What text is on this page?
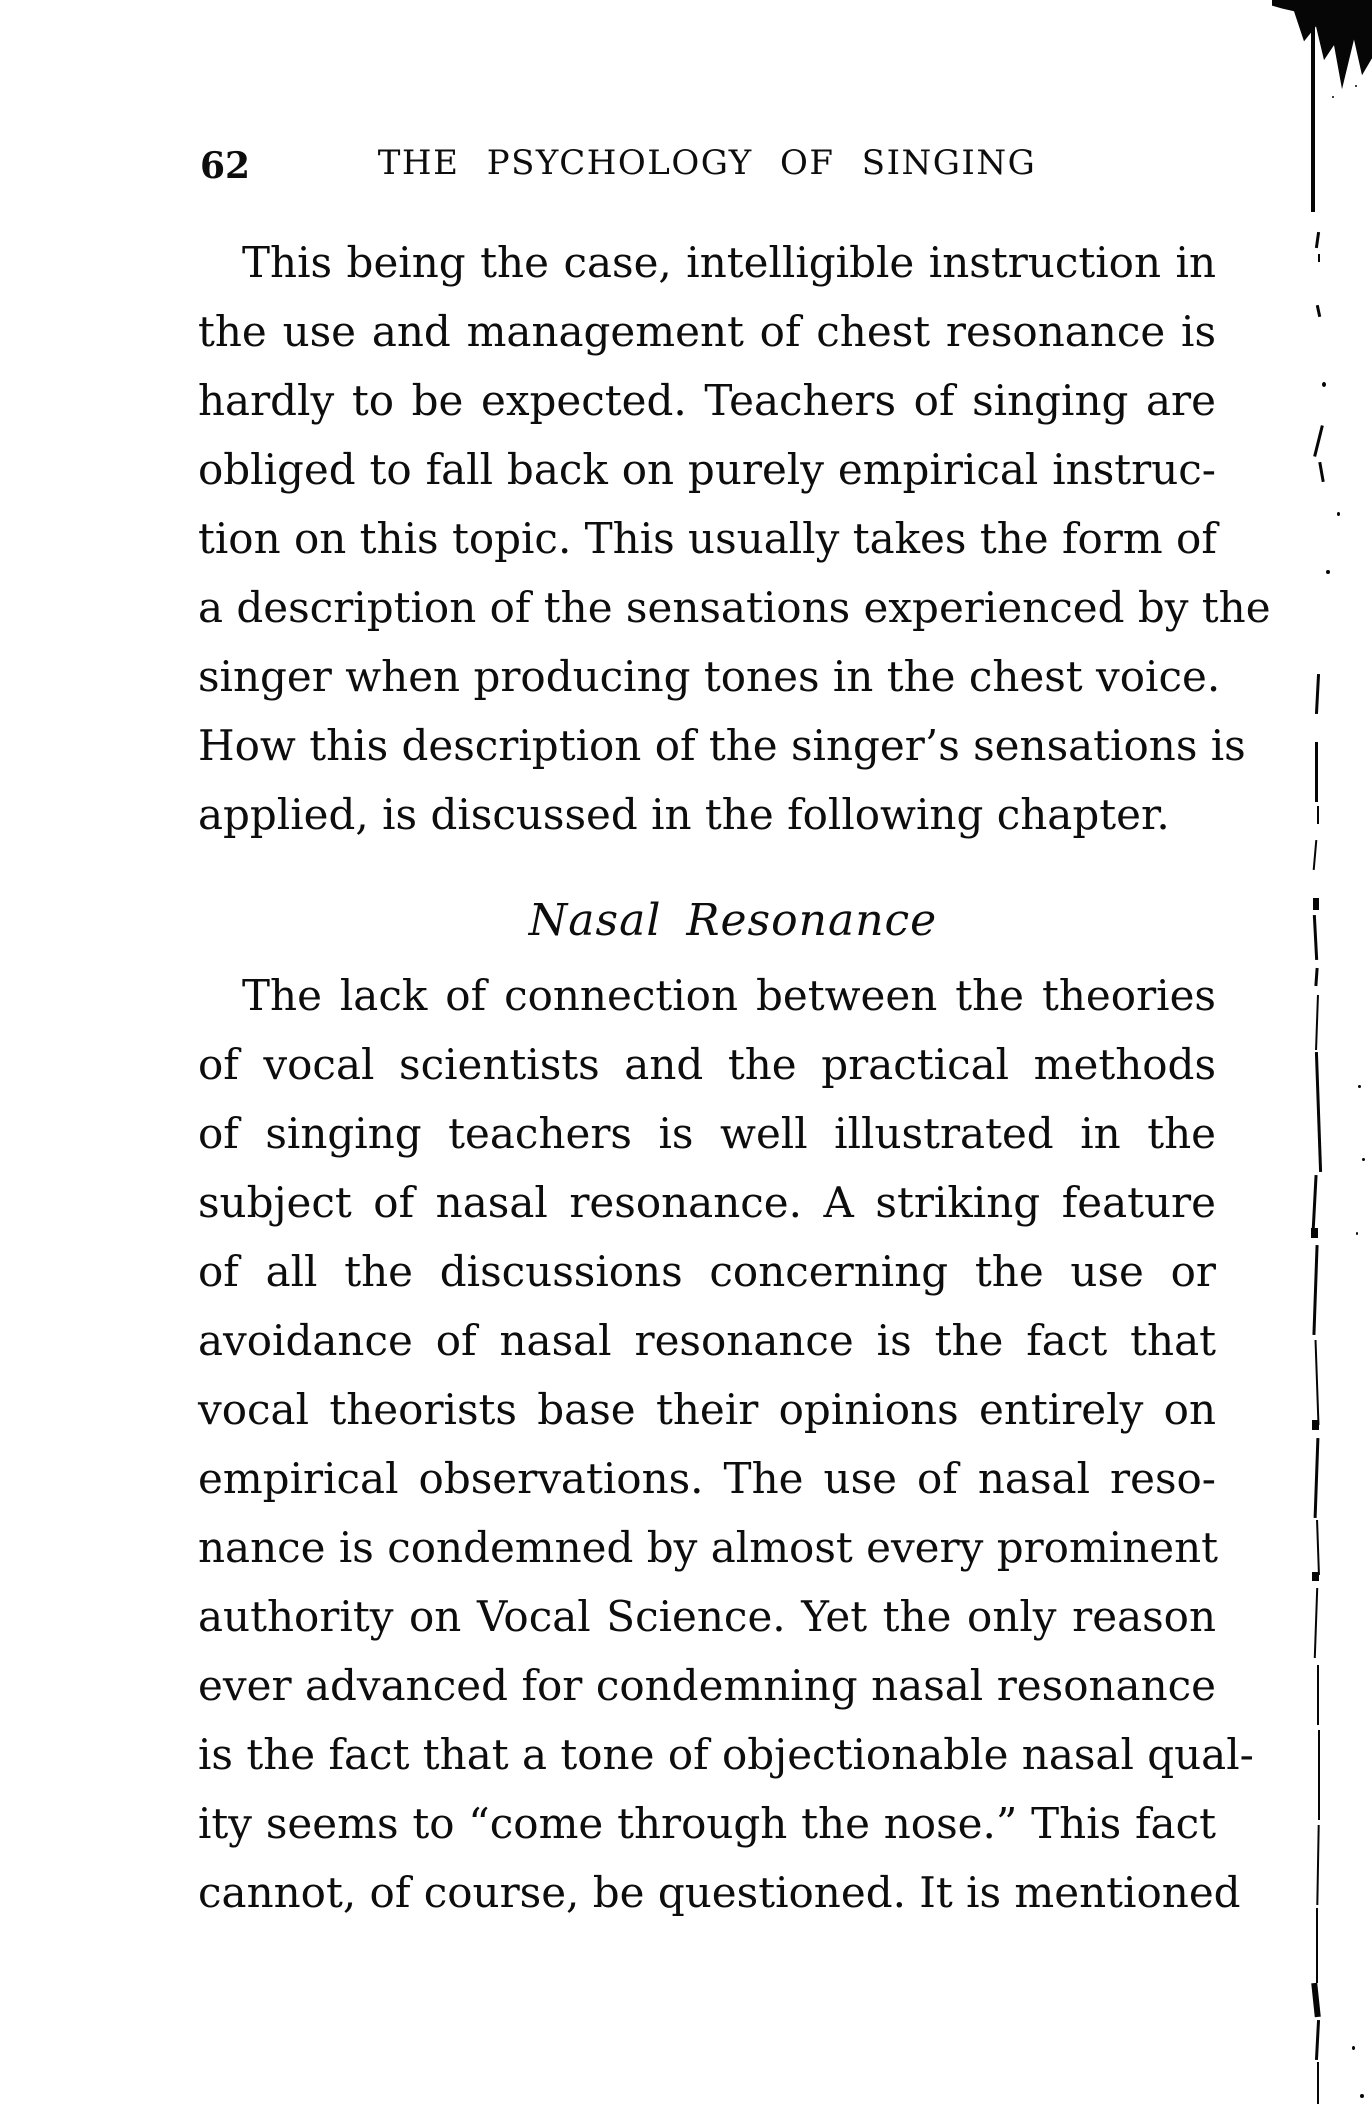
62	THE PSYCHOLOGY OF SINGING
This being the case, intelligible instruction in
the use and management of chest resonance is
hardly to be expected. Teachers of singing are
obliged to fall back on purely empirical instruc-
tion on this topic. This usually takes the form of
a description of the sensations experienced by the
singer when producing tones in the chest voice.
How this description of the singer’s sensations is
applied, is discussed in the following chapter.
Nasal Resonance
The lack of connection between the theories
of vocal scientists and the practical methods
of singing teachers is well illustrated in the
subject of nasal resonance. A striking feature
of all the discussions concerning the use or
avoidance of nasal resonance is the fact that
vocal theorists base their opinions entirely on
empirical observations. The use of nasal reso-
nance is condemned by almost every prominent
authority on Vocal Science. Yet the only reason
ever advanced for condemning nasal resonance
is the fact that a tone of objectionable nasal qual-
ity seems to “come through the nose.” This fact
cannot, of course, be questioned. It is mentioned
